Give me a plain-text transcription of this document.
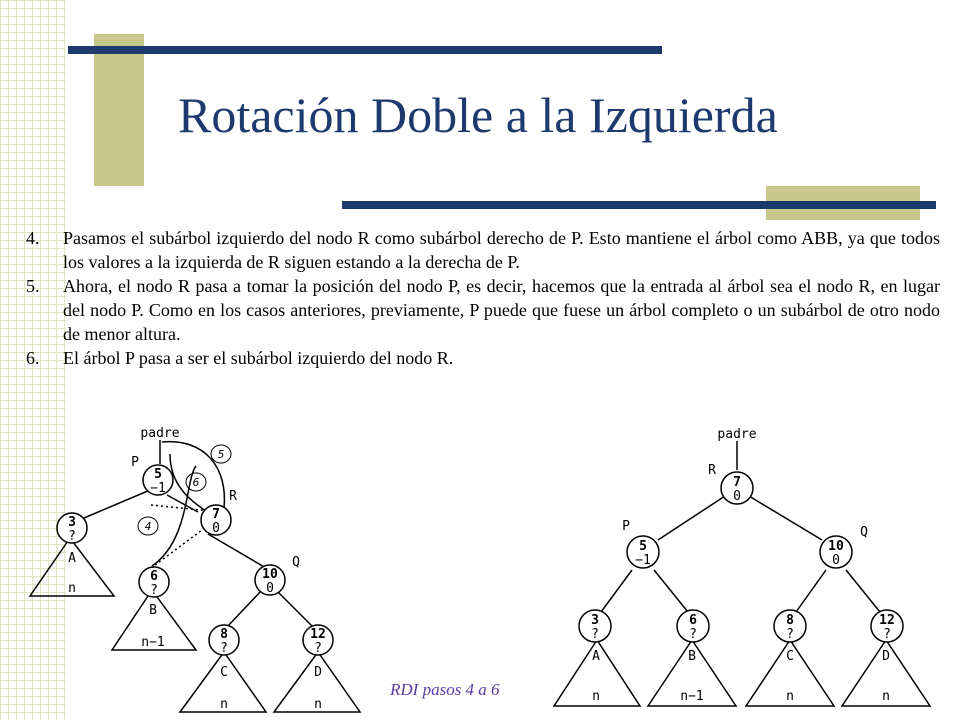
Rotación Doble a la Izquierda
4. Pasamos el subárbol izquierdo del nodo R como subárbol derecho de P. Esto mantiene el árbol como ABB, ya que todos los valores a la izquierda de R siguen estando a la derecha de P.
5. Ahora, el nodo R pasa a tomar la posición del nodo P, es decir, hacemos que la entrada al árbol sea el nodo R, en lugar del nodo P. Como en los casos anteriores, previamente, P puede que fuese un árbol completo o un subárbol de otro nodo de menor altura.
6. El árbol P pasa a ser el subárbol izquierdo del nodo R.
padre
P
R
Q
5
6
4
5
−1
3
?
7
0
6
?
10
0
8
?
12
?
A
n
B
n−1
C
n
D
n
padre
R
P	Q
7
0
5
−1
10
0
3
?
6
?
8
?
12
?
A
n
B
n−1
C
n
D
n

RDI pasos 4 a 6
